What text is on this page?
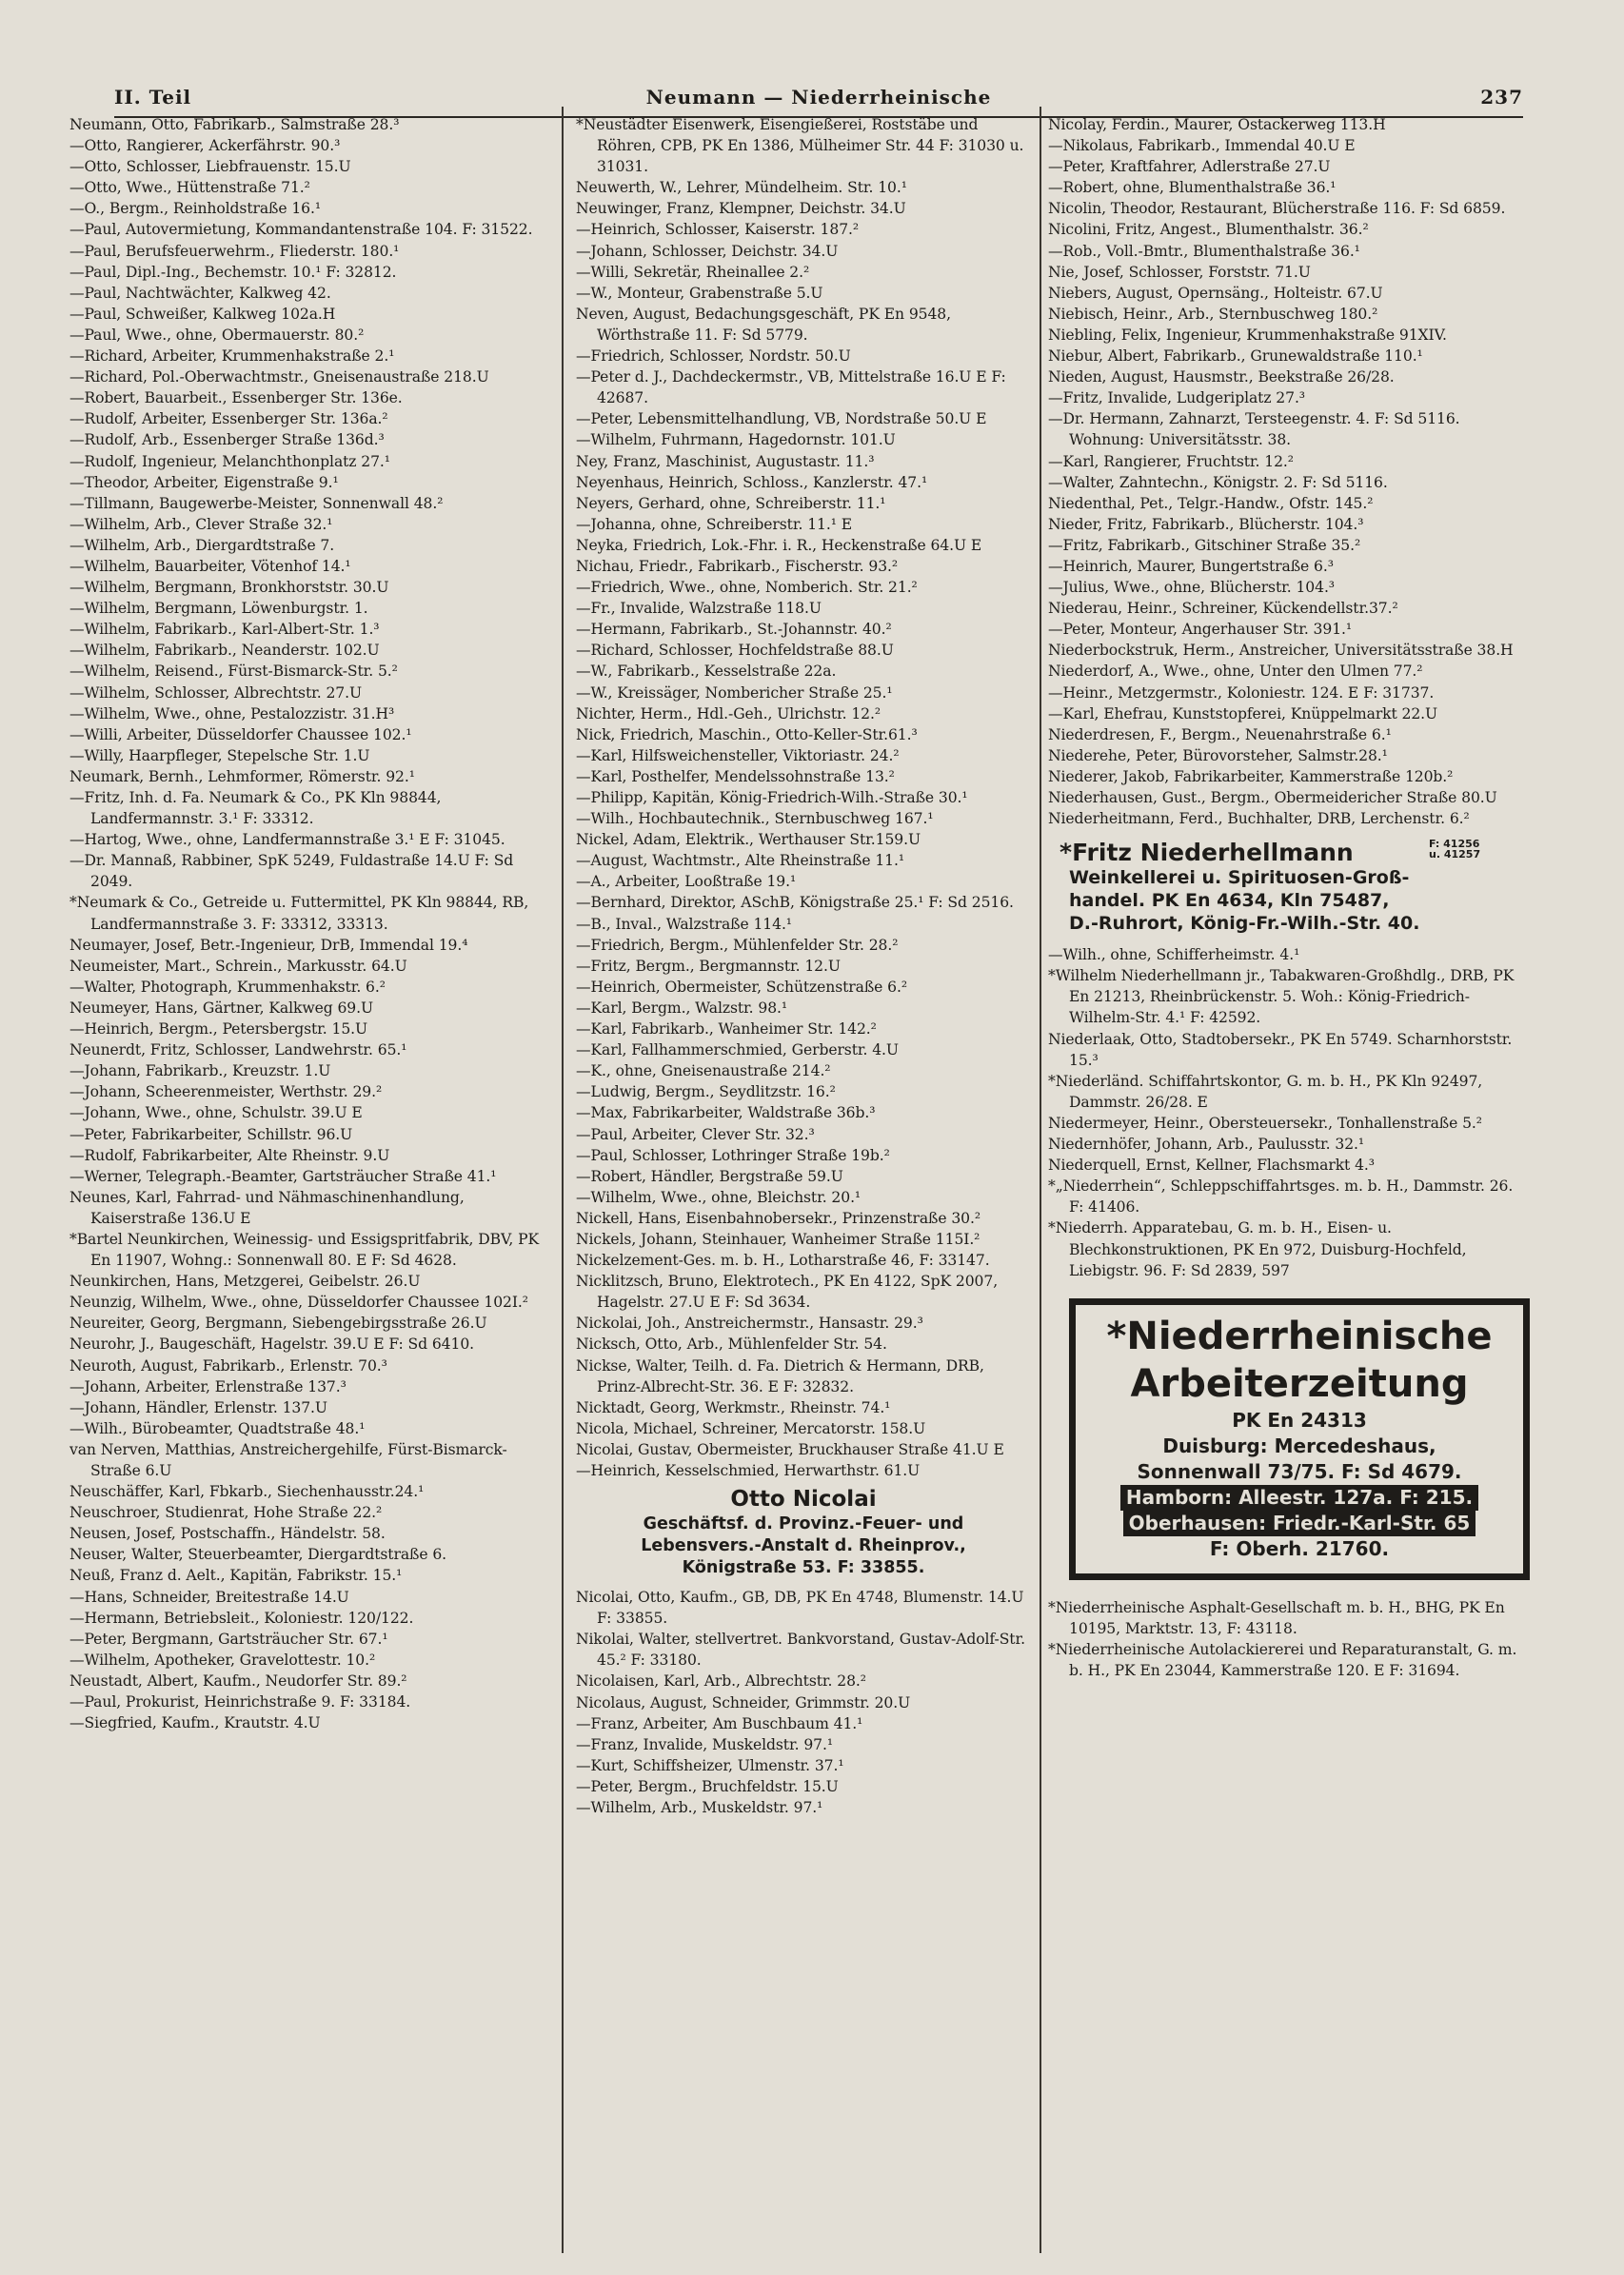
II. Teil	Neumann — Niederrheinische	237

Neumann, Otto, Fabrikarb., Salmstraße 28.³

—Otto, Rangierer, Ackerfährstr. 90.³

—Otto, Schlosser, Liebfrauenstr. 15.U

—Otto, Wwe., Hüttenstraße 71.²

—O., Bergm., Reinholdstraße 16.¹

—Paul, Autovermietung, Kommandantenstraße 104. F: 31522.

—Paul, Berufsfeuerwehrm., Fliederstr. 180.¹

—Paul, Dipl.-Ing., Bechemstr. 10.¹ F: 32812.

—Paul, Nachtwächter, Kalkweg 42.

—Paul, Schweißer, Kalkweg 102a.H

—Paul, Wwe., ohne, Obermauerstr. 80.²

—Richard, Arbeiter, Krummenhakstraße 2.¹

—Richard, Pol.-Oberwachtmstr., Gneisenaustraße 218.U

—Robert, Bauarbeit., Essenberger Str. 136e.

—Rudolf, Arbeiter, Essenberger Str. 136a.²

—Rudolf, Arb., Essenberger Straße 136d.³

—Rudolf, Ingenieur, Melanchthonplatz 27.¹

—Theodor, Arbeiter, Eigenstraße 9.¹

—Tillmann, Baugewerbe-Meister, Sonnenwall 48.²

—Wilhelm, Arb., Clever Straße 32.¹

—Wilhelm, Arb., Diergardtstraße 7.

—Wilhelm, Bauarbeiter, Vötenhof 14.¹

—Wilhelm, Bergmann, Bronkhorststr. 30.U

—Wilhelm, Bergmann, Löwenburgstr. 1.

—Wilhelm, Fabrikarb., Karl-Albert-Str. 1.³

—Wilhelm, Fabrikarb., Neanderstr. 102.U

—Wilhelm, Reisend., Fürst-Bismarck-Str. 5.²

—Wilhelm, Schlosser, Albrechtstr. 27.U

—Wilhelm, Wwe., ohne, Pestalozzistr. 31.H³

—Willi, Arbeiter, Düsseldorfer Chaussee 102.¹

—Willy, Haarpfleger, Stepelsche Str. 1.U

Neumark, Bernh., Lehmformer, Römerstr. 92.¹

—Fritz, Inh. d. Fa. Neumark & Co., PK Kln 98844, Landfermannstr. 3.¹ F: 33312.

—Hartog, Wwe., ohne, Landfermannstraße 3.¹ E F: 31045.

—Dr. Mannaß, Rabbiner, SpK 5249, Fuldastraße 14.U F: Sd 2049.

*Neumark & Co., Getreide u. Futtermittel, PK Kln 98844, RB, Landfermannstraße 3. F: 33312, 33313.

Neumayer, Josef, Betr.-Ingenieur, DrB, Immendal 19.⁴

Neumeister, Mart., Schrein., Markusstr. 64.U

—Walter, Photograph, Krummenhakstr. 6.²

Neumeyer, Hans, Gärtner, Kalkweg 69.U

—Heinrich, Bergm., Petersbergstr. 15.U

Neunerdt, Fritz, Schlosser, Landwehrstr. 65.¹

—Johann, Fabrikarb., Kreuzstr. 1.U

—Johann, Scheerenmeister, Werthstr. 29.²

—Johann, Wwe., ohne, Schulstr. 39.U E

—Peter, Fabrikarbeiter, Schillstr. 96.U

—Rudolf, Fabrikarbeiter, Alte Rheinstr. 9.U

—Werner, Telegraph.-Beamter, Gartsträucher Straße 41.¹

Neunes, Karl, Fahrrad- und Nähmaschinenhandlung, Kaiserstraße 136.U E

*Bartel Neunkirchen, Weinessig- und Essigspritfabrik, DBV, PK En 11907, Wohng.: Sonnenwall 80. E F: Sd 4628.

Neunkirchen, Hans, Metzgerei, Geibelstr. 26.U

Neunzig, Wilhelm, Wwe., ohne, Düsseldorfer Chaussee 102I.²

Neureiter, Georg, Bergmann, Siebengebirgsstraße 26.U

Neurohr, J., Baugeschäft, Hagelstr. 39.U E F: Sd 6410.

Neuroth, August, Fabrikarb., Erlenstr. 70.³

—Johann, Arbeiter, Erlenstraße 137.³

—Johann, Händler, Erlenstr. 137.U

—Wilh., Bürobeamter, Quadtstraße 48.¹

van Nerven, Matthias, Anstreichergehilfe, Fürst-Bismarck-Straße 6.U

Neuschäffer, Karl, Fbkarb., Siechenhausstr.24.¹

Neuschroer, Studienrat, Hohe Straße 22.²

Neusen, Josef, Postschaffn., Händelstr. 58.

Neuser, Walter, Steuerbeamter, Diergardtstraße 6.

Neuß, Franz d. Aelt., Kapitän, Fabrikstr. 15.¹

—Hans, Schneider, Breitestraße 14.U

—Hermann, Betriebsleit., Koloniestr. 120/122.

—Peter, Bergmann, Gartsträucher Str. 67.¹

—Wilhelm, Apotheker, Gravelottestr. 10.²

Neustadt, Albert, Kaufm., Neudorfer Str. 89.²

—Paul, Prokurist, Heinrichstraße 9. F: 33184.

—Siegfried, Kaufm., Krautstr. 4.U

*Neustädter Eisenwerk, Eisengießerei, Roststäbe und Röhren, CPB, PK En 1386, Mülheimer Str. 44 F: 31030 u. 31031.

Neuwerth, W., Lehrer, Mündelheim. Str. 10.¹

Neuwinger, Franz, Klempner, Deichstr. 34.U

—Heinrich, Schlosser, Kaiserstr. 187.²

—Johann, Schlosser, Deichstr. 34.U

—Willi, Sekretär, Rheinallee 2.²

—W., Monteur, Grabenstraße 5.U

Neven, August, Bedachungsgeschäft, PK En 9548, Wörthstraße 11. F: Sd 5779.

—Friedrich, Schlosser, Nordstr. 50.U

—Peter d. J., Dachdeckermstr., VB, Mittelstraße 16.U E F: 42687.

—Peter, Lebensmittelhandlung, VB, Nordstraße 50.U E

—Wilhelm, Fuhrmann, Hagedornstr. 101.U

Ney, Franz, Maschinist, Augustastr. 11.³

Neyenhaus, Heinrich, Schloss., Kanzlerstr. 47.¹

Neyers, Gerhard, ohne, Schreiberstr. 11.¹

—Johanna, ohne, Schreiberstr. 11.¹ E

Neyka, Friedrich, Lok.-Fhr. i. R., Heckenstraße 64.U E

Nichau, Friedr., Fabrikarb., Fischerstr. 93.²

—Friedrich, Wwe., ohne, Nomberich. Str. 21.²

—Fr., Invalide, Walzstraße 118.U

—Hermann, Fabrikarb., St.-Johannstr. 40.²

—Richard, Schlosser, Hochfeldstraße 88.U

—W., Fabrikarb., Kesselstraße 22a.

—W., Kreissäger, Nombericher Straße 25.¹

Nichter, Herm., Hdl.-Geh., Ulrichstr. 12.²

Nick, Friedrich, Maschin., Otto-Keller-Str.61.³

—Karl, Hilfsweichensteller, Viktoriastr. 24.²

—Karl, Posthelfer, Mendelssohnstraße 13.²

—Philipp, Kapitän, König-Friedrich-Wilh.-Straße 30.¹

—Wilh., Hochbautechnik., Sternbuschweg 167.¹

Nickel, Adam, Elektrik., Werthauser Str.159.U

—August, Wachtmstr., Alte Rheinstraße 11.¹

—A., Arbeiter, Looßtraße 19.¹

—Bernhard, Direktor, ASchB, Königstraße 25.¹ F: Sd 2516.

—B., Inval., Walzstraße 114.¹

—Friedrich, Bergm., Mühlenfelder Str. 28.²

—Fritz, Bergm., Bergmannstr. 12.U

—Heinrich, Obermeister, Schützenstraße 6.²

—Karl, Bergm., Walzstr. 98.¹

—Karl, Fabrikarb., Wanheimer Str. 142.²

—Karl, Fallhammerschmied, Gerberstr. 4.U

—K., ohne, Gneisenaustraße 214.²

—Ludwig, Bergm., Seydlitzstr. 16.²

—Max, Fabrikarbeiter, Waldstraße 36b.³

—Paul, Arbeiter, Clever Str. 32.³

—Paul, Schlosser, Lothringer Straße 19b.²

—Robert, Händler, Bergstraße 59.U

—Wilhelm, Wwe., ohne, Bleichstr. 20.¹

Nickell, Hans, Eisenbahnobersekr., Prinzenstraße 30.²

Nickels, Johann, Steinhauer, Wanheimer Straße 115I.²

Nickelzement-Ges. m. b. H., Lotharstraße 46, F: 33147.

Nicklitzsch, Bruno, Elektrotech., PK En 4122, SpK 2007, Hagelstr. 27.U E F: Sd 3634.

Nickolai, Joh., Anstreichermstr., Hansastr. 29.³

Nicksch, Otto, Arb., Mühlenfelder Str. 54.

Nickse, Walter, Teilh. d. Fa. Dietrich & Hermann, DRB, Prinz-Albrecht-Str. 36. E F: 32832.

Nicktadt, Georg, Werkmstr., Rheinstr. 74.¹

Nicola, Michael, Schreiner, Mercatorstr. 158.U

Nicolai, Gustav, Obermeister, Bruckhauser Straße 41.U E

—Heinrich, Kesselschmied, Herwarthstr. 61.U

Otto Nicolai
Geschäftsf. d. Provinz.-Feuer- und
Lebensvers.-Anstalt d. Rheinprov.,
Königstraße 53. F: 33855.

Nicolai, Otto, Kaufm., GB, DB, PK En 4748, Blumenstr. 14.U F: 33855.

Nikolai, Walter, stellvertret. Bankvorstand, Gustav-Adolf-Str. 45.² F: 33180.

Nicolaisen, Karl, Arb., Albrechtstr. 28.²

Nicolaus, August, Schneider, Grimmstr. 20.U

—Franz, Arbeiter, Am Buschbaum 41.¹

—Franz, Invalide, Muskeldstr. 97.¹

—Kurt, Schiffsheizer, Ulmenstr. 37.¹

—Peter, Bergm., Bruchfeldstr. 15.U

—Wilhelm, Arb., Muskeldstr. 97.¹

Nicolay, Ferdin., Maurer, Ostackerweg 113.H

—Nikolaus, Fabrikarb., Immendal 40.U E

—Peter, Kraftfahrer, Adlerstraße 27.U

—Robert, ohne, Blumenthalstraße 36.¹

Nicolin, Theodor, Restaurant, Blücherstraße 116. F: Sd 6859.

Nicolini, Fritz, Angest., Blumenthalstr. 36.²

—Rob., Voll.-Bmtr., Blumenthalstraße 36.¹

Nie, Josef, Schlosser, Forststr. 71.U

Niebers, August, Opernsäng., Holteistr. 67.U

Niebisch, Heinr., Arb., Sternbuschweg 180.²

Niebling, Felix, Ingenieur, Krummenhakstraße 91XIV.

Niebur, Albert, Fabrikarb., Grunewaldstraße 110.¹

Nieden, August, Hausmstr., Beekstraße 26/28.

—Fritz, Invalide, Ludgeriplatz 27.³

—Dr. Hermann, Zahnarzt, Tersteegenstr. 4. F: Sd 5116. Wohnung: Universitätsstr. 38.

—Karl, Rangierer, Fruchtstr. 12.²

—Walter, Zahntechn., Königstr. 2. F: Sd 5116.

Niedenthal, Pet., Telgr.-Handw., Ofstr. 145.²

Nieder, Fritz, Fabrikarb., Blücherstr. 104.³

—Fritz, Fabrikarb., Gitschiner Straße 35.²

—Heinrich, Maurer, Bungertstraße 6.³

—Julius, Wwe., ohne, Blücherstr. 104.³

Niederau, Heinr., Schreiner, Kückendellstr.37.²

—Peter, Monteur, Angerhauser Str. 391.¹

Niederbockstruk, Herm., Anstreicher, Universitätsstraße 38.H

Niederdorf, A., Wwe., ohne, Unter den Ulmen 77.²

—Heinr., Metzgermstr., Koloniestr. 124. E F: 31737.

—Karl, Ehefrau, Kunststopferei, Knüppelmarkt 22.U

Niederdresen, F., Bergm., Neuenahrstraße 6.¹

Niederehe, Peter, Bürovorsteher, Salmstr.28.¹

Niederer, Jakob, Fabrikarbeiter, Kammerstraße 120b.²

Niederhausen, Gust., Bergm., Obermeidericher Straße 80.U

Niederheitmann, Ferd., Buchhalter, DRB, Lerchenstr. 6.²

*Fritz Niederhellmann	F: 41256
u. 41257
Weinkellerei u. Spirituosen-Groß-
handel. PK En 4634, Kln 75487,
D.-Ruhrort, König-Fr.-Wilh.-Str. 40.

—Wilh., ohne, Schifferheimstr. 4.¹

*Wilhelm Niederhellmann jr., Tabakwaren-Großhdlg., DRB, PK En 21213, Rheinbrückenstr. 5. Woh.: König-Friedrich-Wilhelm-Str. 4.¹ F: 42592.

Niederlaak, Otto, Stadtobersekr., PK En 5749. Scharnhorststr. 15.³

*Niederländ. Schiffahrtskontor, G. m. b. H., PK Kln 92497, Dammstr. 26/28. E

Niedermeyer, Heinr., Obersteuersekr., Tonhallenstraße 5.²

Niedernhöfer, Johann, Arb., Paulusstr. 32.¹

Niederquell, Ernst, Kellner, Flachsmarkt 4.³

*„Niederrhein“, Schleppschiffahrtsges. m. b. H., Dammstr. 26. F: 41406.

*Niederrh. Apparatebau, G. m. b. H., Eisen- u. Blechkonstruktionen, PK En 972, Duisburg-Hochfeld, Liebigstr. 96. F: Sd 2839, 597

*Niederrheinische
Arbeiterzeitung
PK En 24313
Duisburg: Mercedeshaus,
Sonnenwall 73/75. F: Sd 4679.
Hamborn: Alleestr. 127a. F: 215.
Oberhausen: Friedr.-Karl-Str. 65
F: Oberh. 21760.

*Niederrheinische Asphalt-Gesellschaft m. b. H., BHG, PK En 10195, Marktstr. 13, F: 43118.

*Niederrheinische Autolackiererei und Reparaturanstalt, G. m. b. H., PK En 23044, Kammerstraße 120. E F: 31694.
